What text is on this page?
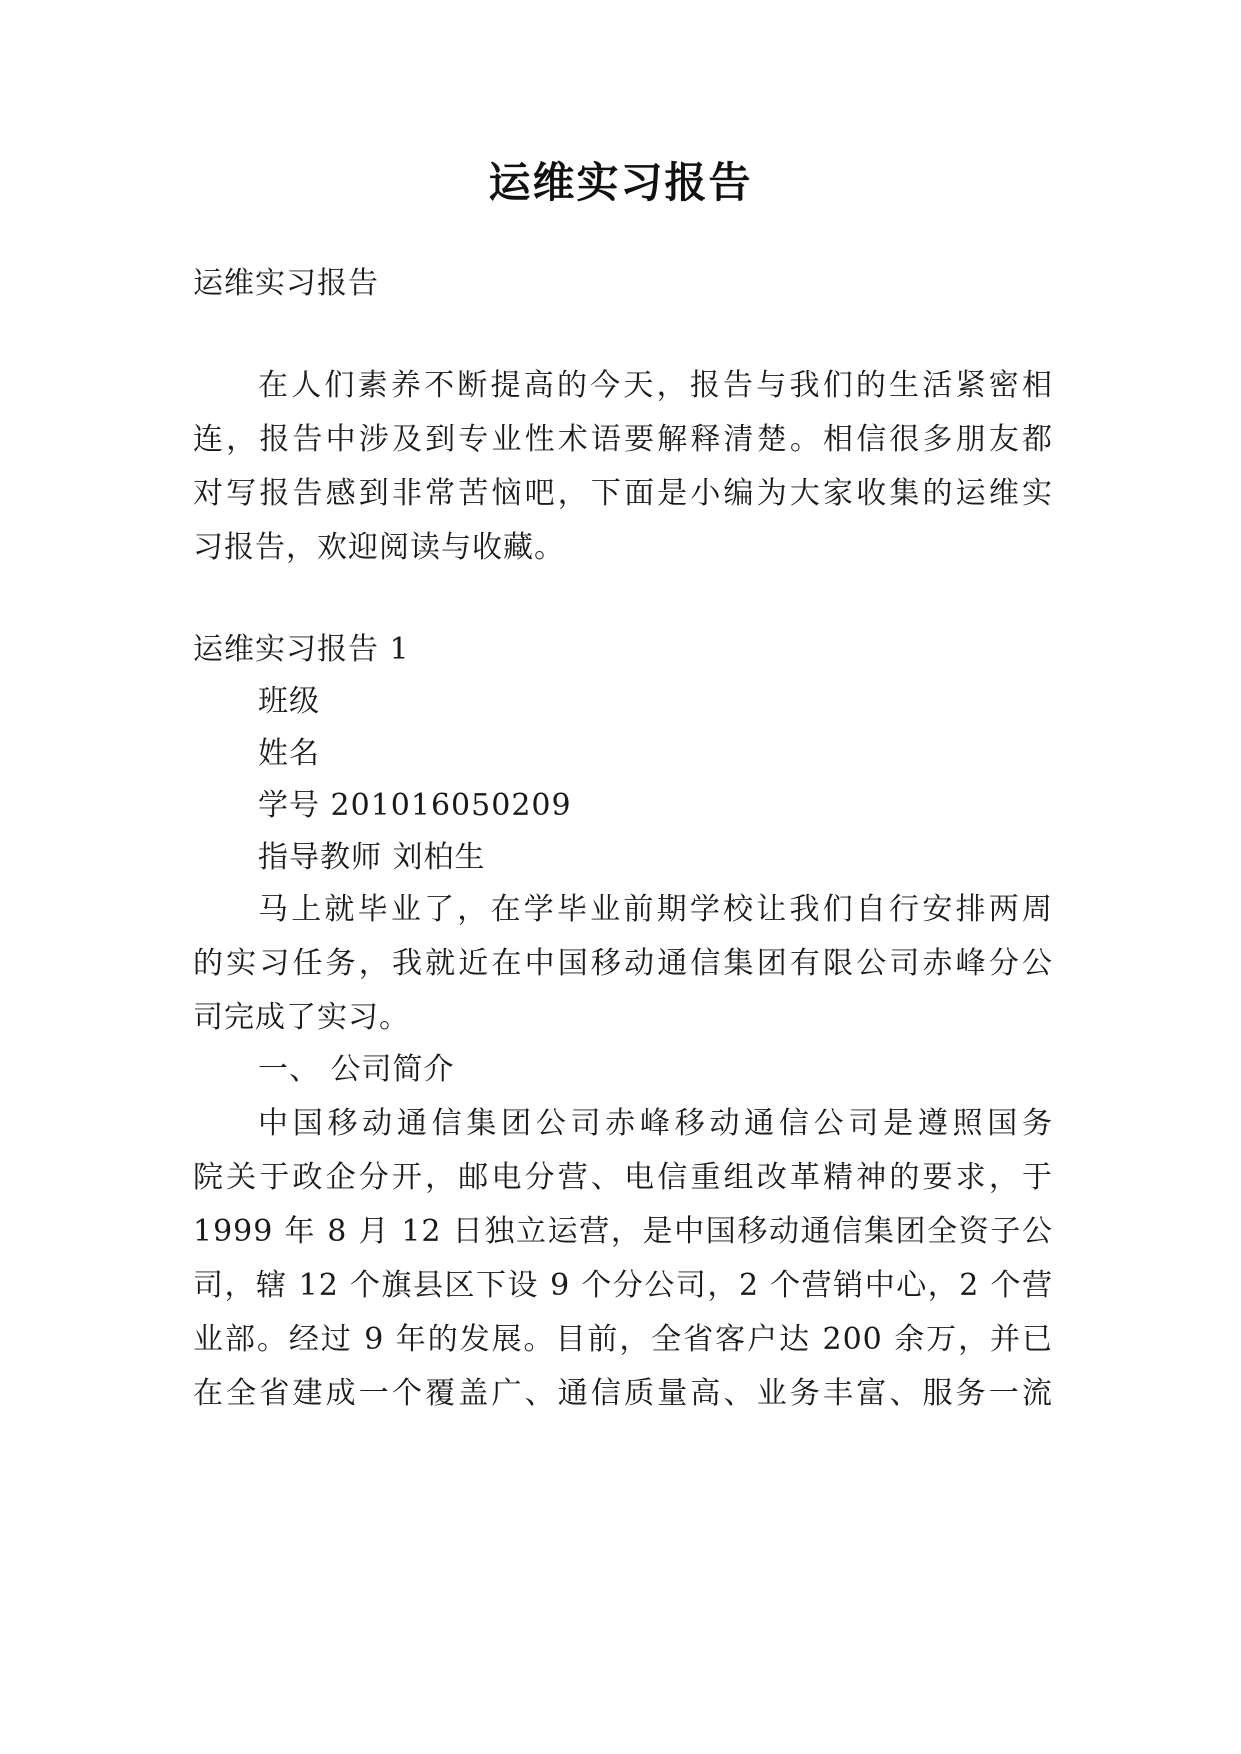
运维实习报告
运维实习报告
在人们素养不断提高的今天，报告与我们的生活紧密相
连，报告中涉及到专业性术语要解释清楚。相信很多朋友都
对写报告感到非常苦恼吧，下面是小编为大家收集的运维实
习报告，欢迎阅读与收藏。
运维实习报告 1
班级
姓名
学号 201016050209
指导教师 刘柏生
马上就毕业了，在学毕业前期学校让我们自行安排两周
的实习任务，我就近在中国移动通信集团有限公司赤峰分公
司完成了实习。
一、 公司简介
中国移动通信集团公司赤峰移动通信公司是遵照国务
院关于政企分开，邮电分营、电信重组改革精神的要求，于
1999 年 8 月 12 日独立运营，是中国移动通信集团全资子公
司，辖 12 个旗县区下设 9 个分公司，2 个营销中心，2 个营
业部。经过 9 年的发展。目前，全省客户达 200 余万，并已
在全省建成一个覆盖广、通信质量高、业务丰富、服务一流
